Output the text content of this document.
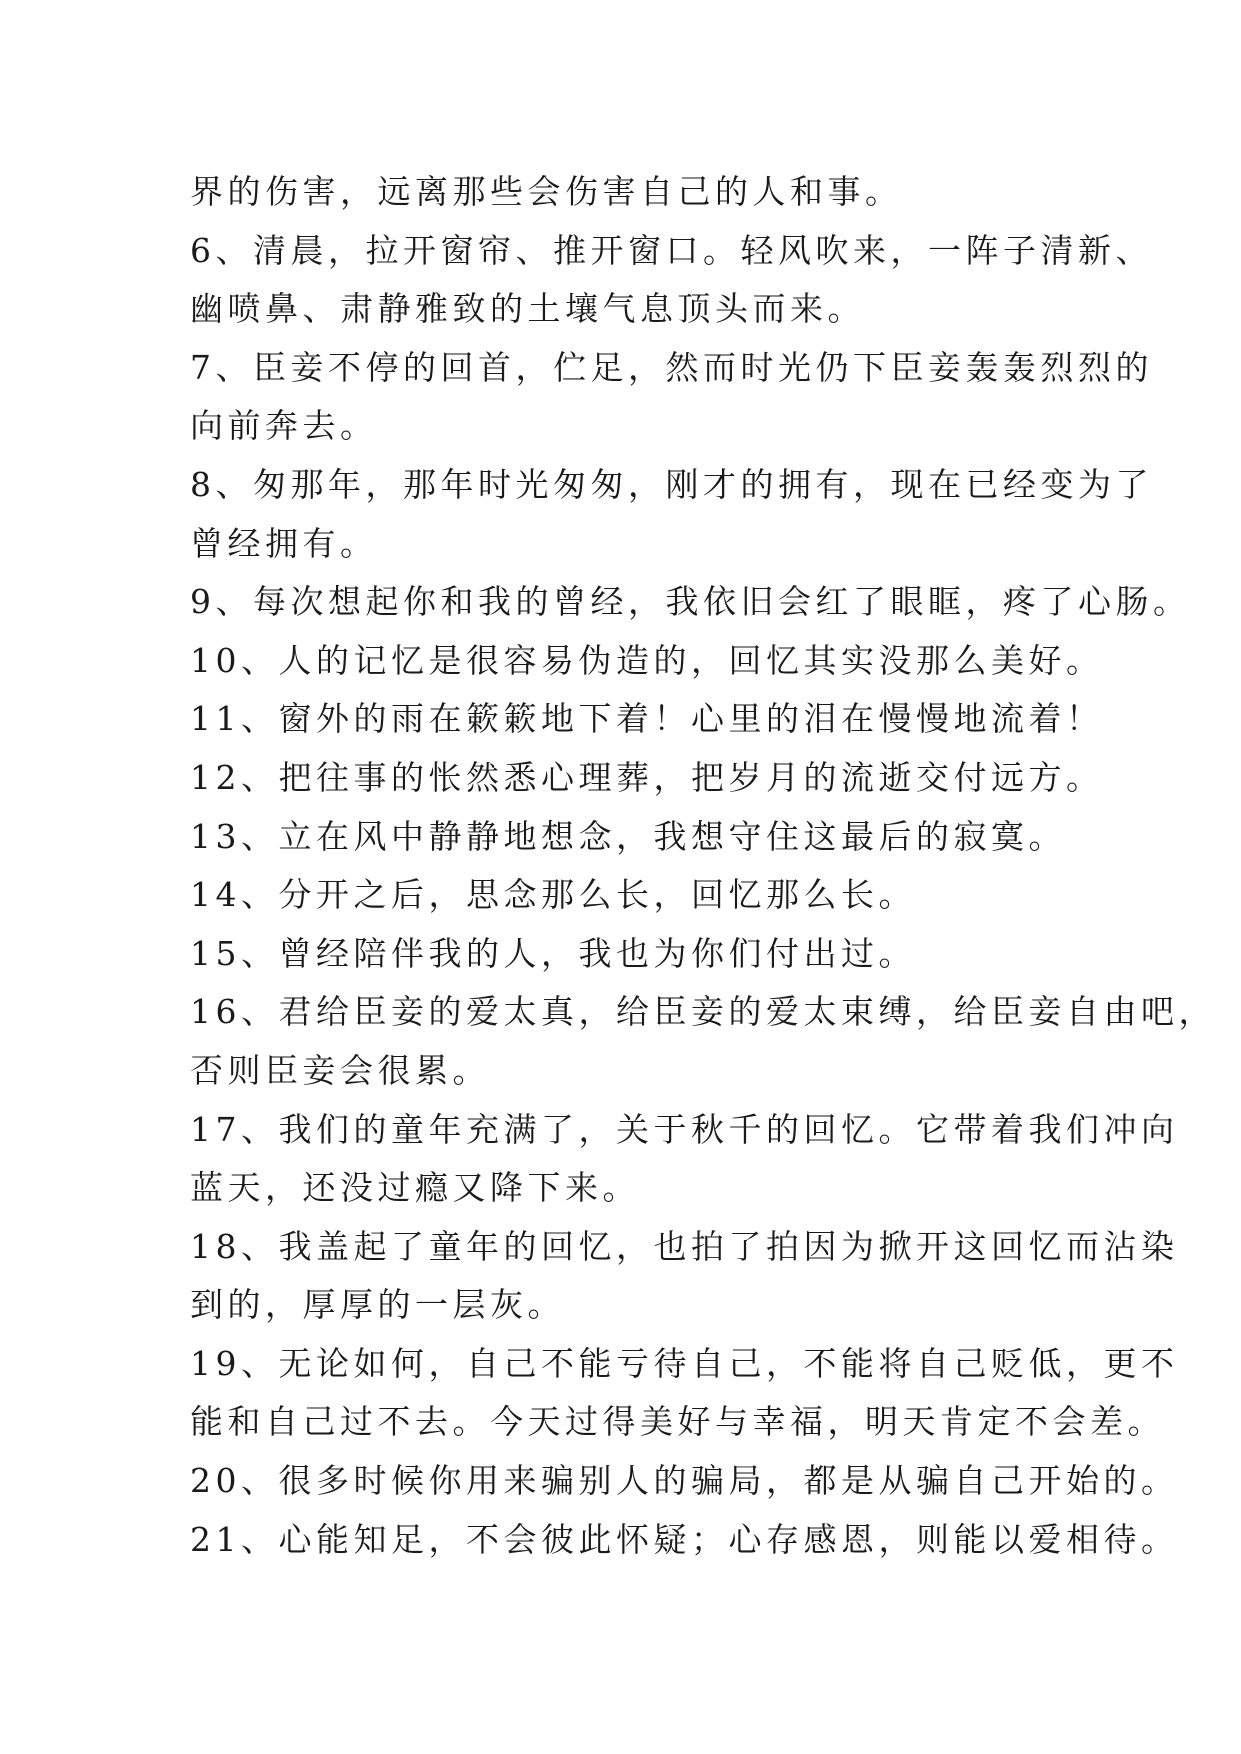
界的伤害，远离那些会伤害自己的人和事。
6、清晨，拉开窗帘、推开窗口。轻风吹来，一阵子清新、
幽喷鼻、肃静雅致的土壤气息顶头而来。
7、臣妾不停的回首，伫足，然而时光仍下臣妾轰轰烈烈的
向前奔去。
8、匆那年，那年时光匆匆，刚才的拥有，现在已经变为了
曾经拥有。
9、每次想起你和我的曾经，我依旧会红了眼眶，疼了心肠。
10、人的记忆是很容易伪造的，回忆其实没那么美好。
11、窗外的雨在簌簌地下着！心里的泪在慢慢地流着！
12、把往事的怅然悉心理葬，把岁月的流逝交付远方。
13、立在风中静静地想念，我想守住这最后的寂寞。
14、分开之后，思念那么长，回忆那么长。
15、曾经陪伴我的人，我也为你们付出过。
16、君给臣妾的爱太真，给臣妾的爱太束缚，给臣妾自由吧，
否则臣妾会很累。
17、我们的童年充满了，关于秋千的回忆。它带着我们冲向
蓝天，还没过瘾又降下来。
18、我盖起了童年的回忆，也拍了拍因为掀开这回忆而沾染
到的，厚厚的一层灰。
19、无论如何，自己不能亏待自己，不能将自己贬低，更不
能和自己过不去。今天过得美好与幸福，明天肯定不会差。
20、很多时候你用来骗别人的骗局，都是从骗自己开始的。
21、心能知足，不会彼此怀疑；心存感恩，则能以爱相待。
